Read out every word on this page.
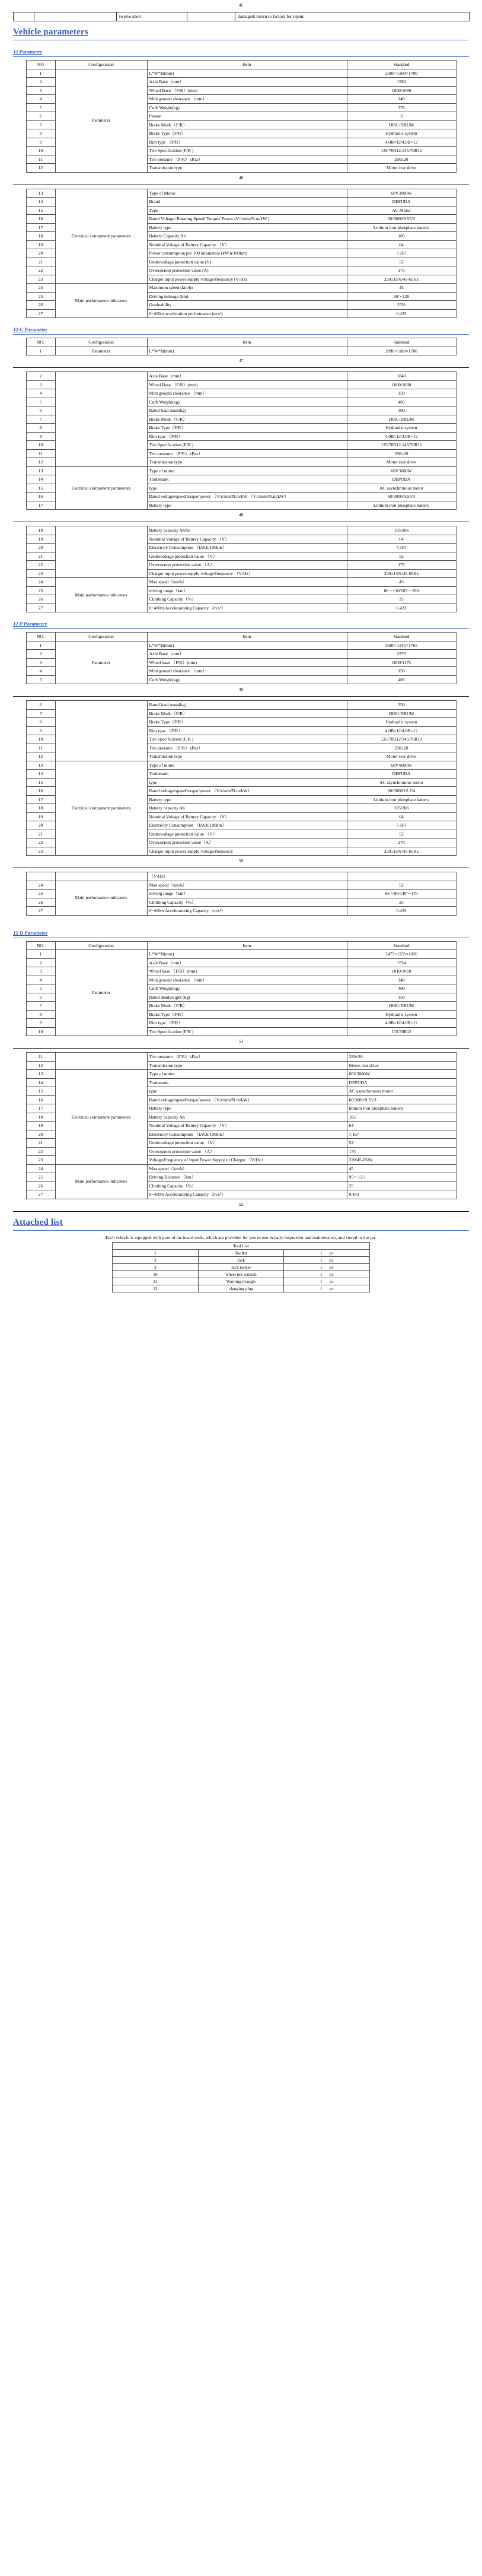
45
		twelve short		damaged, return to factory for repair.
Vehicle parameters
J2 Parameter
NO	Configuration	Item	Standard
1	Parameter	L*W*H(mm)	2390×1200×1700
2		Axle Base（mm）	1580
3		Wheel Base （F/R）(mm)	1000/1030
4		Mini ground clearance （mm）	140
5		Curb Weight(kg)	376
6		Person	3
7		Brake Mode（F/R）	DISC/DRUM
8		Brake Type（F/R）	Hydraulic system
9		Rim type （F/R）	4.0B×12/4.0B×12
10		Tire Specification (F/R )	135/70R12,145/70R12
11		Tire pressure （F/R）kPaz）	250±20
12		Transmission type	Motor rear drive
46
13	Electrical component parameters	Type of Motor	60V3000W
14		Brand	DEPUDA
15		Type	AC Motor
16		Rated Voltage/ Rotating Speed/ Torque/ Power (V/r/min/N.m/kW )	60/3000/9.55/3
17		Battery type	Lithium iron phosphate battery
18		Battery Capacity Ah	105
19		Nominal Voltage of Battery Capacity （V）	64
20		Power consumption per 100 kilometers (kW.h/100km)	7.167
21		Undervoltage protection value (V)	52
22		Overcurrent protection value (A)	175
23		Charger input power supply voltage/frequency (V/Hz)	220±15%/45-65Hz
24	Main performance indicators	Maximum speed (km/h)	45
25		Driving mileage (km)	90～120
26		Gradeability	25%
27		0~400m acceleration performance (m/s²)	0.433
J2-C Parameter
NO.	Configuration	Item	Standard
1	Parameter	L*W*H(mm)	2890×1180×1780
47
2		Axle Base（mm）	1840
3		Wheel Base （F/R）(mm)	1000/1030
4		Mini ground clearance （mm）	150
5		Curb Weight(kg)	405
6		Rated load mass(kg)	300
7		Brake Mode（F/R）	DISC/DRUM
8		Brake Type（F/R）	Hydraulic system
9		Rim type （F/R）	4.0B×12/4.0B×12
10		Tire Specification (F/R )	135/70R12,145/70R12
11		Tire pressure （F/R）kPaz）	250±20
12		Transmission type	Motor rear drive
13	Electrical component parameters	Type of motor	60V3000W
14		Trademark	DEPUDA
15		type	AC asynchronous motor
16		Rated voltage/speed/torque/power （V/r/min/N.m/kW （V/r/min/N.m/kW）	60/3000/9.55/3
17		Battery type	Lithium iron phosphate battery
48
18		Battery capacity AhAh	105/206
19		Nominal Voltage of Battery Capacity （V）	64
20		Electricity Consumption （kW.h/100km）	7.167
21		Undervoltage protection value （V）	52
22		Overcurrent protection value （A）	175
23		Charger input power supply voltage/frequency （V/Hz）	220±15%/45-65Hz
24	Main performance indicators	Max speed（km/h）	45
25		driving range（km）	80～110/165～190
26		Climbing Capacity（%）	25
27		0~400m Acceleratoring Capacity（m/s²）	0.433
J2-P Parameter
NO.	Configuration	Item	Standard
1	Parameter	L*W*H(mm)	3600×1345×1765
2		Axle Base（mm）	2375
3		Wheel base （F/R）(mm)	1000/1175
4		Mini ground clearance （mm）	150
5		Curb Weight(kg)	405
49
6		Rated load mass(kg)	350
7		Brake Mode（F/R）	DISC/DRUM
8		Brake Type（F/R）	Hydraulic system
9		Rim type （F/R）	4.0B×12/4.0B×12
10		Tire Specification (F/R )	135/70R12/145/70R12
11		Tire pressure （F/R）kPaz）	250±20
12		Transmission type	Motor rear drive
13	Electrical component parameters	Type of motor	60V4000W
14		Trademark	DEPUDA
15		type	AC asynchronous motor
16		Rated voltage/speed/torque/power （V/r/min/N.m/kW）	60/3000/12.7/4
17		Battery type	Lithium iron phosphate battery
18		Battery capacity Ah	105/206
19		Nominal Voltage of Battery Capacity （V）	64
20		Electricity Consumption （kW.h/100km）	7.167
21		Undervoltage protection value （V）	52
22		Overcurrent protection value（A）	270
23		Charger input power supply voltage/frequency	220±15%/45-65Hz
50
		（V/Hz）	
24	Main performance indicators	Max speed（km/h）	52
25		driving range（km）	65～90/140～170
26		Climbing Capacity（%）	25
27		0~400m Acceleratoring Capacity（m/s²）	0.433
J2-D Parameter
NO.	Configuration	Item	Standard
1	Parameter	L*W*H(mm)	2475×1235×1820
2		Axle Base（mm）	1554
3		Wheel base （F/R）(mm)	1010/1050
4		Mini ground clearance （mm）	140
5		Curb Weight(kg)	400
6		Rated deadweight (kg)	150
7		Brake Mode（F/R）	DISC/DRUM
8		Brake Type（F/R）	Hydraulic system
9		Rim type （F/R）	4.0B×12/4.0B×12
10		Tire Specification (F/R )	135/70R12
51
11		Tire pressure （F/R）kPaz）	250±20
12		Transmission type	Motor rear drive
13	Electrical component parameters	Type of motor	60V3000W
14		Trademark	DEPUDA
15		type	AC asynchronous motor
16		Rated voltage/speed/torque/power （V/r/min/N.m/kW）	60/3000/9.55/3
17		Battery type	lithium iron phosphate battery
18		Battery capacity Ah	105
19		Nominal Voltage of Battery Capacity （V）	64
20		Electricity Consumption （kW.h/100km）	7.167
21		Undervoltage protection value （V）	52
22		Overcurrent protection value （A）	175
23		Voltage/Frequency of Input Power Supply of Charger （V/Hz）	220/45-65Hz
24	Main performance indicators	Max speed（km/h）	45
25		Driving Distance （km）	95～125
26		Climbing Capacity（%）	25
27		0~400m Acceleratoring Capacity（m/s²）	0.433
52
Attached list

Each vehicle is equipped with a set of on-board tools, which are provided for you to use in daily inspection and maintenance, and stored in the car.

Tool List		
1	Toolkit	1 pc
2	Jack	1 pc
3	Jack rocker	1 pc
10	wheel nut wrench	1 pc
11	Warning triangle	1 pc
12	charging plug	1 pc
